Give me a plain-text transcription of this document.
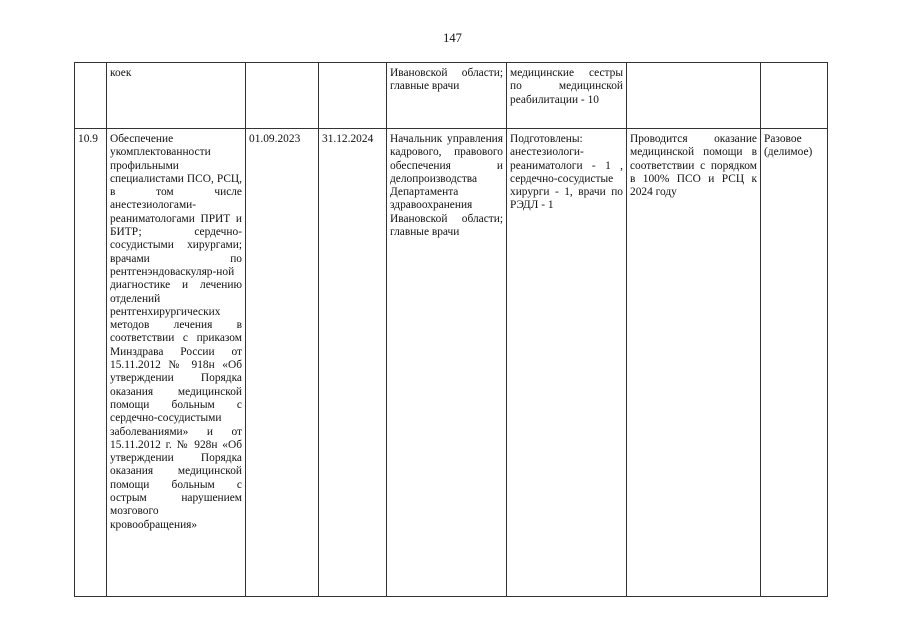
147
	коек			Ивановской области; главные врачи	медицинские сестры по медицинской реабилитации - 10		
10.9	Обеспечение укомплектованности профильными специалистами ПСО, РСЦ, в том числе анестезиологами-реаниматологами ПРИТ и БИТР; сердечно-сосудистыми хирургами; врачами по рентгенэндоваскуляр-ной диагностике и лечению отделений рентгенхирургических методов лечения в соответствии с приказом Минздрава России от 15.11.2012 № 918н «Об утверждении Порядка оказания медицинской помощи больным с сердечно-сосудистыми заболеваниями» и от 15.11.2012 г. № 928н «Об утверждении Порядка оказания медицинской помощи больным с острым нарушением мозгового кровообращения»	01.09.2023	31.12.2024	Начальник управления кадрового, правового обеспечения и делопроизводства Департамента здравоохранения Ивановской области; главные врачи	Подготовлены: анестезиологи-реаниматологи - 1 , сердечно-сосудистые хирурги - 1, врачи по РЭДЛ - 1	Проводится оказание медицинской помощи в соответствии с порядком в 100% ПСО и РСЦ к 2024 году	Разовое (делимое)
